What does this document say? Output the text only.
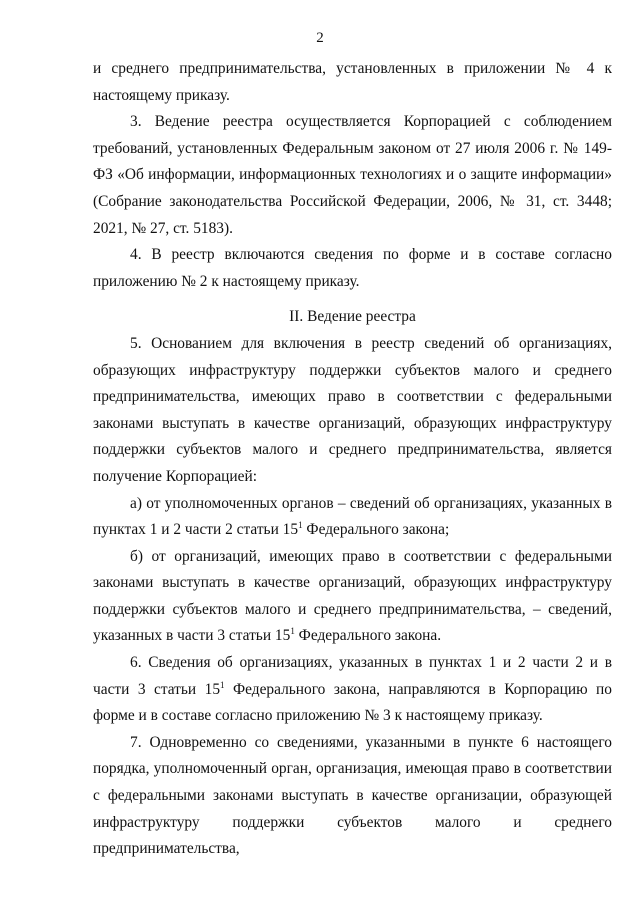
2

и среднего предпринимательства, установленных в приложении № 4 к настоящему приказу.

3. Ведение реестра осуществляется Корпорацией с соблюдением требований, установленных Федеральным законом от 27 июля 2006 г. № 149-ФЗ «Об информации, информационных технологиях и о защите информации» (Собрание законодательства Российской Федерации, 2006, № 31, ст. 3448; 2021, № 27, ст. 5183).

4. В реестр включаются сведения по форме и в составе согласно приложению № 2 к настоящему приказу.

II. Ведение реестра

5. Основанием для включения в реестр сведений об организациях, образующих инфраструктуру поддержки субъектов малого и среднего предпринимательства, имеющих право в соответствии с федеральными законами выступать в качестве организаций, образующих инфраструктуру поддержки субъектов малого и среднего предпринимательства, является получение Корпорацией:

а) от уполномоченных органов – сведений об организациях, указанных в пунктах 1 и 2 части 2 статьи $15^1$ Федерального закона;

б) от организаций, имеющих право в соответствии с федеральными законами выступать в качестве организаций, образующих инфраструктуру поддержки субъектов малого и среднего предпринимательства, – сведений, указанных в части 3 статьи $15^1$ Федерального закона.

6. Сведения об организациях, указанных в пунктах 1 и 2 части 2 и в части 3 статьи $15^1$ Федерального закона, направляются в Корпорацию по форме и в составе согласно приложению № 3 к настоящему приказу.

7. Одновременно со сведениями, указанными в пункте 6 настоящего порядка, уполномоченный орган, организация, имеющая право в соответствии с федеральными законами выступать в качестве организации, образующей инфраструктуру поддержки субъектов малого и среднего предпринимательства,
